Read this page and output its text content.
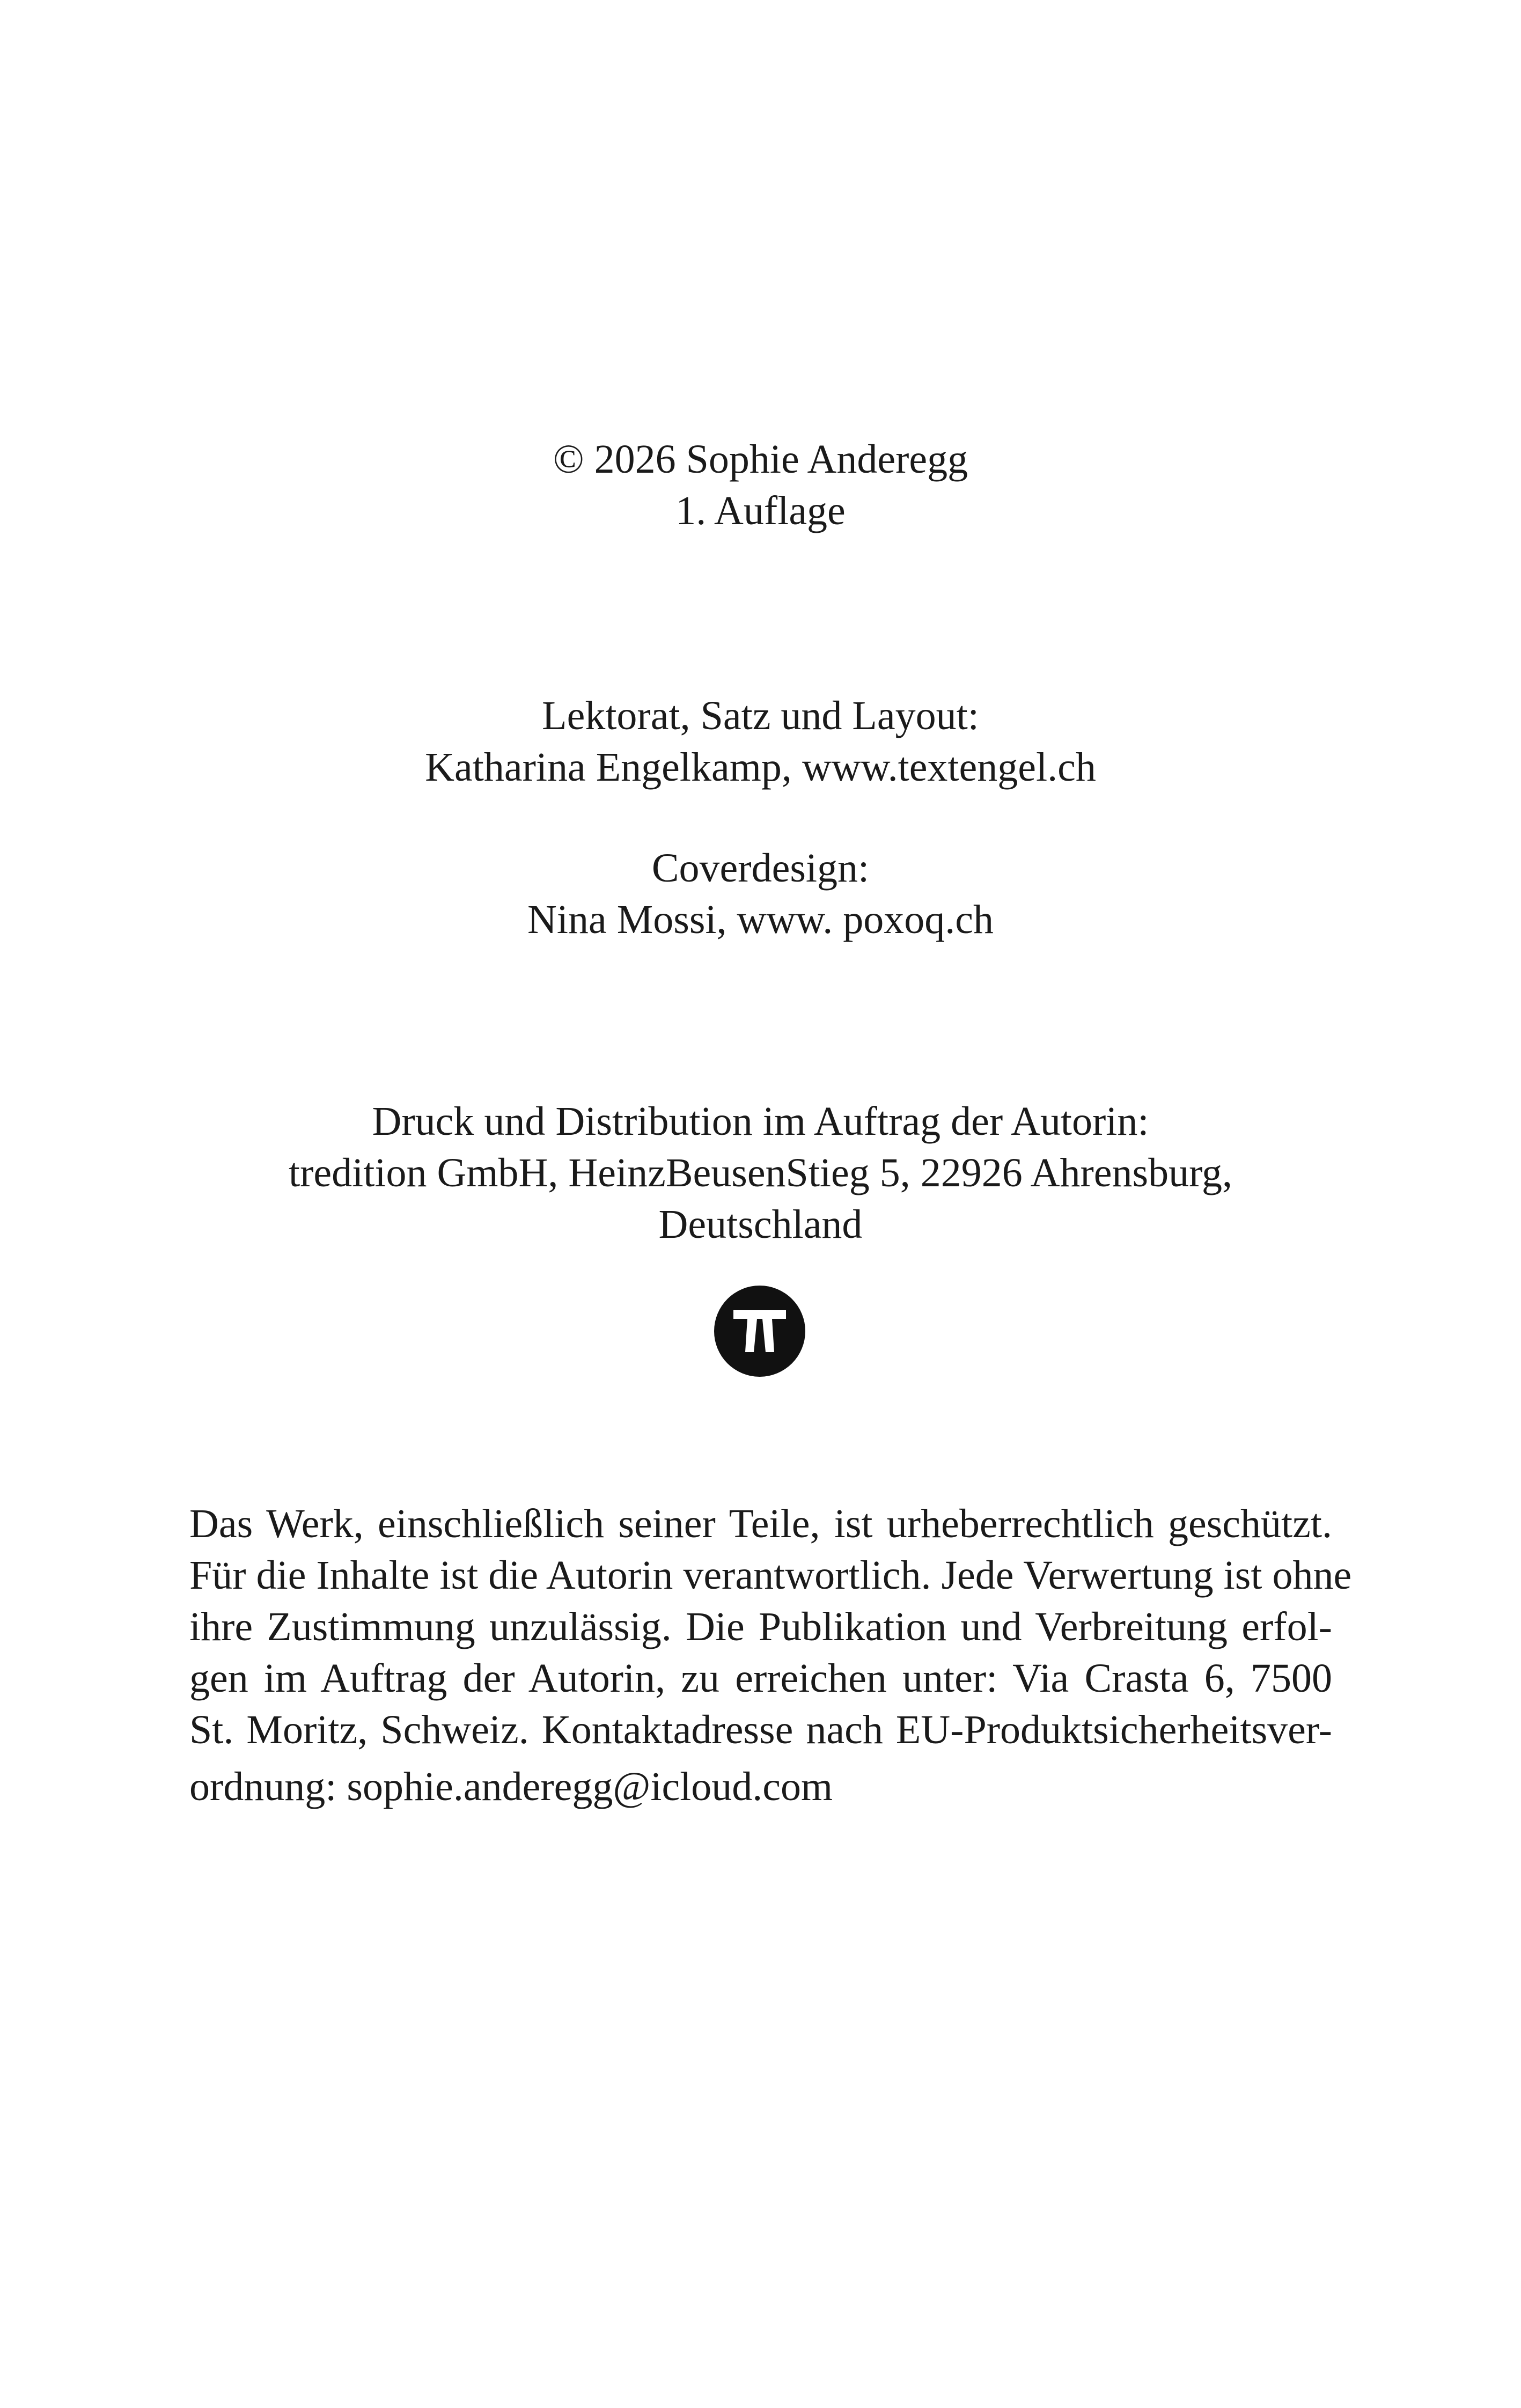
© 2026 Sophie Anderegg
1. Auflage
Lektorat, Satz und Layout:
Katharina Engelkamp, www.textengel.ch
Coverdesign:
Nina Mossi, www. poxoq.ch
Druck und Distribution im Auftrag der Autorin:
tredition GmbH, HeinzBeusenStieg 5, 22926 Ahrensburg,
Deutschland
Das Werk, einschließlich seiner Teile, ist urheberrechtlich geschützt.
Für die Inhalte ist die Autorin verantwortlich. Jede Verwertung ist ohne
ihre Zustimmung unzulässig. Die Publikation und Verbreitung erfol-
gen im Auftrag der Autorin, zu erreichen unter: Via Crasta 6, 7500
St. Moritz, Schweiz. Kontaktadresse nach EU-Produktsicherheitsver-
ordnung: sophie.anderegg@icloud.com
